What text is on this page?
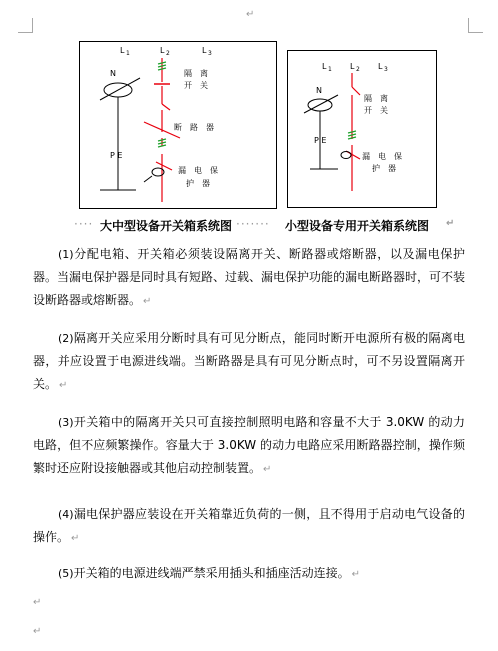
↵
L 1	L 2	L 3
N
P E
隔　离
开　关
断　路　器
漏　电　保
护　器
L 1 L 2 L 3
N
P E
隔　离
开　关
漏　电　保
护　器
···· 大中型设备开关箱系统图 ······· 小型设备专用开关箱系统图 ↵
(1)分配电箱、开关箱必须装设隔离开关、断路器或熔断器，以及漏电保护器。当漏电保护器是同时具有短路、过载、漏电保护功能的漏电断路器时，可不装设断路器或熔断器。 ↵
(2)隔离开关应采用分断时具有可见分断点，能同时断开电源所有极的隔离电器，并应设置于电源进线端。当断路器是具有可见分断点时，可不另设置隔离开关。 ↵
(3)开关箱中的隔离开关只可直接控制照明电路和容量不大于 3.0KW 的动力电路，但不应频繁操作。容量大于 3.0KW 的动力电路应采用断路器控制，操作频繁时还应附设接触器或其他启动控制装置。 ↵
(4)漏电保护器应装设在开关箱靠近负荷的一侧，且不得用于启动电气设备的操作。 ↵
(5)开关箱的电源进线端严禁采用插头和插座活动连接。 ↵
↵
↵
